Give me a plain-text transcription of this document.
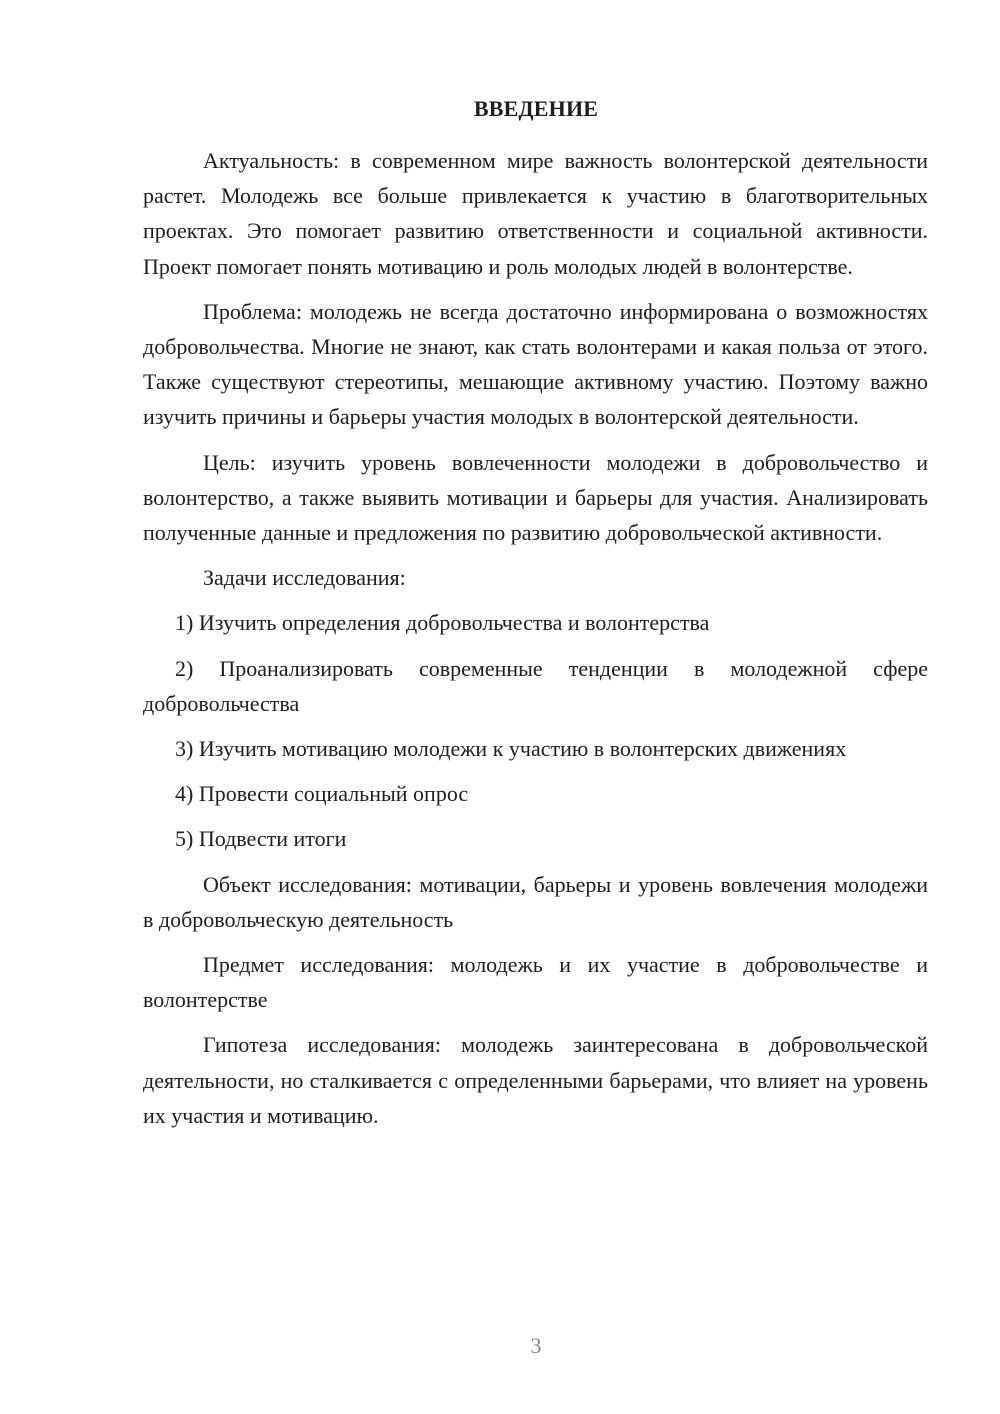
ВВЕДЕНИЕ

Актуальность: в современном мире важность волонтерской деятельности растет. Молодежь все больше привлекается к участию в благотворительных проектах. Это помогает развитию ответственности и социальной активности. Проект помогает понять мотивацию и роль молодых людей в волонтерстве.

Проблема: молодежь не всегда достаточно информирована о возможностях добровольчества. Многие не знают, как стать волонтерами и какая польза от этого. Также существуют стереотипы, мешающие активному участию. Поэтому важно изучить причины и барьеры участия молодых в волонтерской деятельности.

Цель: изучить уровень вовлеченности молодежи в добровольчество и волонтерство, а также выявить мотивации и барьеры для участия. Анализировать полученные данные и предложения по развитию добровольческой активности.

Задачи исследования:

1) Изучить определения добровольчества и волонтерства

2) Проанализировать современные тенденции в молодежной сфере добровольчества

3) Изучить мотивацию молодежи к участию в волонтерских движениях

4) Провести социальный опрос

5) Подвести итоги

Объект исследования: мотивации, барьеры и уровень вовлечения молодежи в добровольческую деятельность

Предмет исследования: молодежь и их участие в добровольчестве и волонтерстве

Гипотеза исследования: молодежь заинтересована в добровольческой деятельности, но сталкивается с определенными барьерами, что влияет на уровень их участия и мотивацию.

3
